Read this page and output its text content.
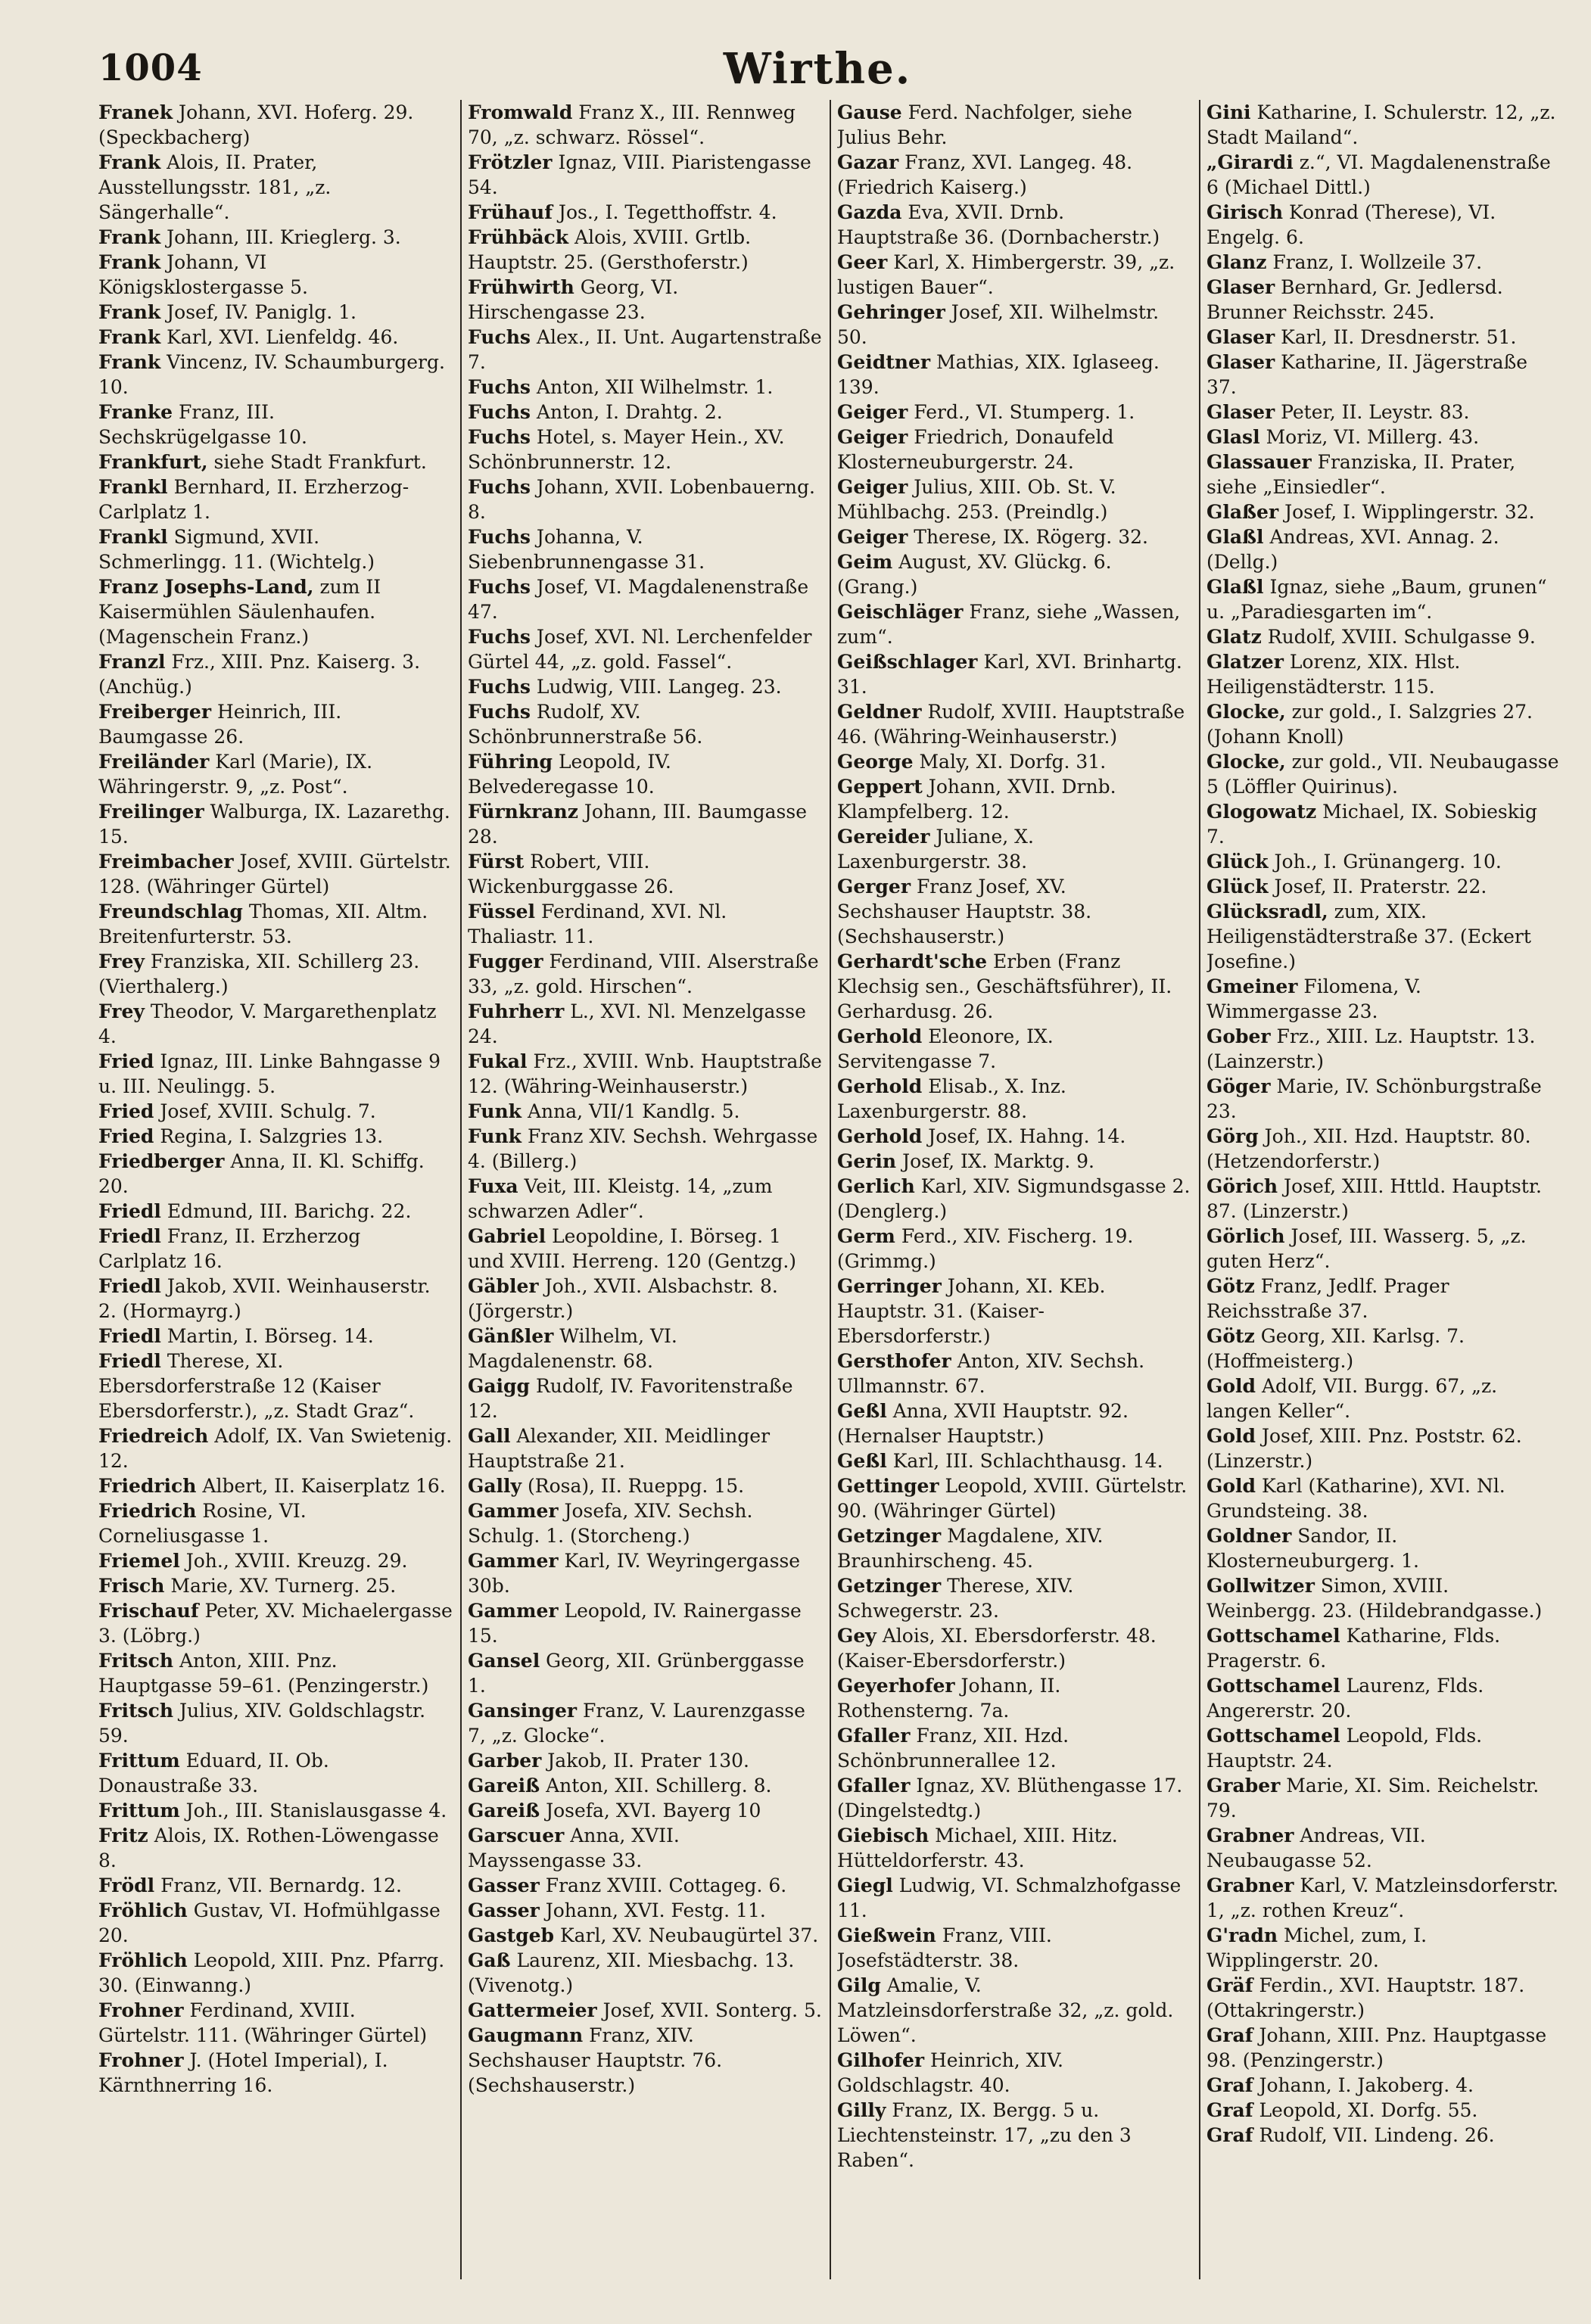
1004	Wirthe.
Franek Johann, XVI. Hoferg. 29. (Speckbacherg)
Frank Alois, II. Prater, Ausstellungsstr. 181, „z. Sängerhalle“.
Frank Johann, III. Krieglerg. 3.
Frank Johann, VI Königsklostergasse 5.
Frank Josef, IV. Paniglg. 1.
Frank Karl, XVI. Lienfeldg. 46.
Frank Vincenz, IV. Schaumburgerg. 10.
Franke Franz, III. Sechskrügelgasse 10.
Frankfurt, siehe Stadt Frankfurt.
Frankl Bernhard, II. Erzherzog-Carlplatz 1.
Frankl Sigmund, XVII. Schmerlingg. 11. (Wichtelg.)
Franz Josephs-Land, zum II Kaisermühlen Säulenhaufen. (Magenschein Franz.)
Franzl Frz., XIII. Pnz. Kaiserg. 3. (Anchüg.)
Freiberger Heinrich, III. Baumgasse 26.
Freiländer Karl (Marie), IX. Währingerstr. 9, „z. Post“.
Freilinger Walburga, IX. Lazarethg. 15.
Freimbacher Josef, XVIII. Gürtelstr. 128. (Währinger Gürtel)
Freundschlag Thomas, XII. Altm. Breitenfurterstr. 53.
Frey Franziska, XII. Schillerg 23. (Vierthalerg.)
Frey Theodor, V. Margarethenplatz 4.
Fried Ignaz, III. Linke Bahngasse 9 u. III. Neulingg. 5.
Fried Josef, XVIII. Schulg. 7.
Fried Regina, I. Salzgries 13.
Friedberger Anna, II. Kl. Schiffg. 20.
Friedl Edmund, III. Barichg. 22.
Friedl Franz, II. Erzherzog Carlplatz 16.
Friedl Jakob, XVII. Weinhauserstr. 2. (Hormayrg.)
Friedl Martin, I. Börseg. 14.
Friedl Therese, XI. Ebersdorferstraße 12 (Kaiser Ebersdorferstr.), „z. Stadt Graz“.
Friedreich Adolf, IX. Van Swietenig. 12.
Friedrich Albert, II. Kaiserplatz 16.
Friedrich Rosine, VI. Corneliusgasse 1.
Friemel Joh., XVIII. Kreuzg. 29.
Frisch Marie, XV. Turnerg. 25.
Frischauf Peter, XV. Michaelergasse 3. (Löbrg.)
Fritsch Anton, XIII. Pnz. Hauptgasse 59–61. (Penzingerstr.)
Fritsch Julius, XIV. Goldschlagstr. 59.
Frittum Eduard, II. Ob. Donaustraße 33.
Frittum Joh., III. Stanislausgasse 4.
Fritz Alois, IX. Rothen-Löwengasse 8.
Frödl Franz, VII. Bernardg. 12.
Fröhlich Gustav, VI. Hofmühlgasse 20.
Fröhlich Leopold, XIII. Pnz. Pfarrg. 30. (Einwanng.)
Frohner Ferdinand, XVIII. Gürtelstr. 111. (Währinger Gürtel)
Frohner J. (Hotel Imperial), I. Kärnthnerring 16.
Fromwald Franz X., III. Rennweg 70, „z. schwarz. Rössel“.
Frötzler Ignaz, VIII. Piaristengasse 54.
Frühauf Jos., I. Tegetthoffstr. 4.
Frühbäck Alois, XVIII. Grtlb. Hauptstr. 25. (Gersthoferstr.)
Frühwirth Georg, VI. Hirschengasse 23.
Fuchs Alex., II. Unt. Augartenstraße 7.
Fuchs Anton, XII Wilhelmstr. 1.
Fuchs Anton, I. Drahtg. 2.
Fuchs Hotel, s. Mayer Hein., XV. Schönbrunnerstr. 12.
Fuchs Johann, XVII. Lobenbauerng. 8.
Fuchs Johanna, V. Siebenbrunnengasse 31.
Fuchs Josef, VI. Magdalenenstraße 47.
Fuchs Josef, XVI. Nl. Lerchenfelder Gürtel 44, „z. gold. Fassel“.
Fuchs Ludwig, VIII. Langeg. 23.
Fuchs Rudolf, XV. Schönbrunnerstraße 56.
Führing Leopold, IV. Belvederegasse 10.
Fürnkranz Johann, III. Baumgasse 28.
Fürst Robert, VIII. Wickenburggasse 26.
Füssel Ferdinand, XVI. Nl. Thaliastr. 11.
Fugger Ferdinand, VIII. Alserstraße 33, „z. gold. Hirschen“.
Fuhrherr L., XVI. Nl. Menzelgasse 24.
Fukal Frz., XVIII. Wnb. Hauptstraße 12. (Währing-Weinhauserstr.)
Funk Anna, VII/1 Kandlg. 5.
Funk Franz XIV. Sechsh. Wehrgasse 4. (Billerg.)
Fuxa Veit, III. Kleistg. 14, „zum schwarzen Adler“.
Gabriel Leopoldine, I. Börseg. 1 und XVIII. Herreng. 120 (Gentzg.)
Gäbler Joh., XVII. Alsbachstr. 8. (Jörgerstr.)
Gänßler Wilhelm, VI. Magdalenenstr. 68.
Gaigg Rudolf, IV. Favoritenstraße 12.
Gall Alexander, XII. Meidlinger Hauptstraße 21.
Gally (Rosa), II. Rueppg. 15.
Gammer Josefa, XIV. Sechsh. Schulg. 1. (Storcheng.)
Gammer Karl, IV. Weyringergasse 30b.
Gammer Leopold, IV. Rainergasse 15.
Gansel Georg, XII. Grünberggasse 1.
Gansinger Franz, V. Laurenzgasse 7, „z. Glocke“.
Garber Jakob, II. Prater 130.
Gareiß Anton, XII. Schillerg. 8.
Gareiß Josefa, XVI. Bayerg 10
Garscuer Anna, XVII. Mayssengasse 33.
Gasser Franz XVIII. Cottageg. 6.
Gasser Johann, XVI. Festg. 11.
Gastgeb Karl, XV. Neubaugürtel 37.
Gaß Laurenz, XII. Miesbachg. 13. (Vivenotg.)
Gattermeier Josef, XVII. Sonterg. 5.
Gaugmann Franz, XIV. Sechshauser Hauptstr. 76. (Sechshauserstr.)
Gause Ferd. Nachfolger, siehe Julius Behr.
Gazar Franz, XVI. Langeg. 48. (Friedrich Kaiserg.)
Gazda Eva, XVII. Drnb. Hauptstraße 36. (Dornbacherstr.)
Geer Karl, X. Himbergerstr. 39, „z. lustigen Bauer“.
Gehringer Josef, XII. Wilhelmstr. 50.
Geidtner Mathias, XIX. Iglaseeg. 139.
Geiger Ferd., VI. Stumperg. 1.
Geiger Friedrich, Donaufeld Klosterneuburgerstr. 24.
Geiger Julius, XIII. Ob. St. V. Mühlbachg. 253. (Preindlg.)
Geiger Therese, IX. Rögerg. 32.
Geim August, XV. Glückg. 6. (Grang.)
Geischläger Franz, siehe „Wassen, zum“.
Geißschlager Karl, XVI. Brinhartg. 31.
Geldner Rudolf, XVIII. Hauptstraße 46. (Währing-Weinhauserstr.)
George Maly, XI. Dorfg. 31.
Geppert Johann, XVII. Drnb. Klampfelberg. 12.
Gereider Juliane, X. Laxenburgerstr. 38.
Gerger Franz Josef, XV. Sechshauser Hauptstr. 38. (Sechshauserstr.)
Gerhardt'sche Erben (Franz Klechsig sen., Geschäftsführer), II. Gerhardusg. 26.
Gerhold Eleonore, IX. Servitengasse 7.
Gerhold Elisab., X. Inz. Laxenburgerstr. 88.
Gerhold Josef, IX. Hahng. 14.
Gerin Josef, IX. Marktg. 9.
Gerlich Karl, XIV. Sigmundsgasse 2. (Denglerg.)
Germ Ferd., XIV. Fischerg. 19. (Grimmg.)
Gerringer Johann, XI. KEb. Hauptstr. 31. (Kaiser-Ebersdorferstr.)
Gersthofer Anton, XIV. Sechsh. Ullmannstr. 67.
Geßl Anna, XVII Hauptstr. 92. (Hernalser Hauptstr.)
Geßl Karl, III. Schlachthausg. 14.
Gettinger Leopold, XVIII. Gürtelstr. 90. (Währinger Gürtel)
Getzinger Magdalene, XIV. Braunhirscheng. 45.
Getzinger Therese, XIV. Schwegerstr. 23.
Gey Alois, XI. Ebersdorferstr. 48. (Kaiser-Ebersdorferstr.)
Geyerhofer Johann, II. Rothensterng. 7a.
Gfaller Franz, XII. Hzd. Schönbrunnerallee 12.
Gfaller Ignaz, XV. Blüthengasse 17. (Dingelstedtg.)
Giebisch Michael, XIII. Hitz. Hütteldorferstr. 43.
Giegl Ludwig, VI. Schmalzhofgasse 11.
Gießwein Franz, VIII. Josefstädterstr. 38.
Gilg Amalie, V. Matzleinsdorferstraße 32, „z. gold. Löwen“.
Gilhofer Heinrich, XIV. Goldschlagstr. 40.
Gilly Franz, IX. Bergg. 5 u. Liechtensteinstr. 17, „zu den 3 Raben“.
Gini Katharine, I. Schulerstr. 12, „z. Stadt Mailand“.
„Girardi z.“, VI. Magdalenenstraße 6 (Michael Dittl.)
Girisch Konrad (Therese), VI. Engelg. 6.
Glanz Franz, I. Wollzeile 37.
Glaser Bernhard, Gr. Jedlersd. Brunner Reichsstr. 245.
Glaser Karl, II. Dresdnerstr. 51.
Glaser Katharine, II. Jägerstraße 37.
Glaser Peter, II. Leystr. 83.
Glasl Moriz, VI. Millerg. 43.
Glassauer Franziska, II. Prater, siehe „Einsiedler“.
Glaßer Josef, I. Wipplingerstr. 32.
Glaßl Andreas, XVI. Annag. 2. (Dellg.)
Glaßl Ignaz, siehe „Baum, grunen“ u. „Paradiesgarten im“.
Glatz Rudolf, XVIII. Schulgasse 9.
Glatzer Lorenz, XIX. Hlst. Heiligenstädterstr. 115.
Glocke, zur gold., I. Salzgries 27. (Johann Knoll)
Glocke, zur gold., VII. Neubaugasse 5 (Löffler Quirinus).
Glogowatz Michael, IX. Sobieskig 7.
Glück Joh., I. Grünangerg. 10.
Glück Josef, II. Praterstr. 22.
Glücksradl, zum, XIX. Heiligenstädterstraße 37. (Eckert Josefine.)
Gmeiner Filomena, V. Wimmergasse 23.
Gober Frz., XIII. Lz. Hauptstr. 13. (Lainzerstr.)
Göger Marie, IV. Schönburgstraße 23.
Görg Joh., XII. Hzd. Hauptstr. 80. (Hetzendorferstr.)
Görich Josef, XIII. Httld. Hauptstr. 87. (Linzerstr.)
Görlich Josef, III. Wasserg. 5, „z. guten Herz“.
Götz Franz, Jedlf. Prager Reichsstraße 37.
Götz Georg, XII. Karlsg. 7. (Hoffmeisterg.)
Gold Adolf, VII. Burgg. 67, „z. langen Keller“.
Gold Josef, XIII. Pnz. Poststr. 62. (Linzerstr.)
Gold Karl (Katharine), XVI. Nl. Grundsteing. 38.
Goldner Sandor, II. Klosterneuburgerg. 1.
Gollwitzer Simon, XVIII. Weinbergg. 23. (Hildebrandgasse.)
Gottschamel Katharine, Flds. Pragerstr. 6.
Gottschamel Laurenz, Flds. Angererstr. 20.
Gottschamel Leopold, Flds. Hauptstr. 24.
Graber Marie, XI. Sim. Reichelstr. 79.
Grabner Andreas, VII. Neubaugasse 52.
Grabner Karl, V. Matzleinsdorferstr. 1, „z. rothen Kreuz“.
G'radn Michel, zum, I. Wipplingerstr. 20.
Gräf Ferdin., XVI. Hauptstr. 187. (Ottakringerstr.)
Graf Johann, XIII. Pnz. Hauptgasse 98. (Penzingerstr.)
Graf Johann, I. Jakoberg. 4.
Graf Leopold, XI. Dorfg. 55.
Graf Rudolf, VII. Lindeng. 26.
